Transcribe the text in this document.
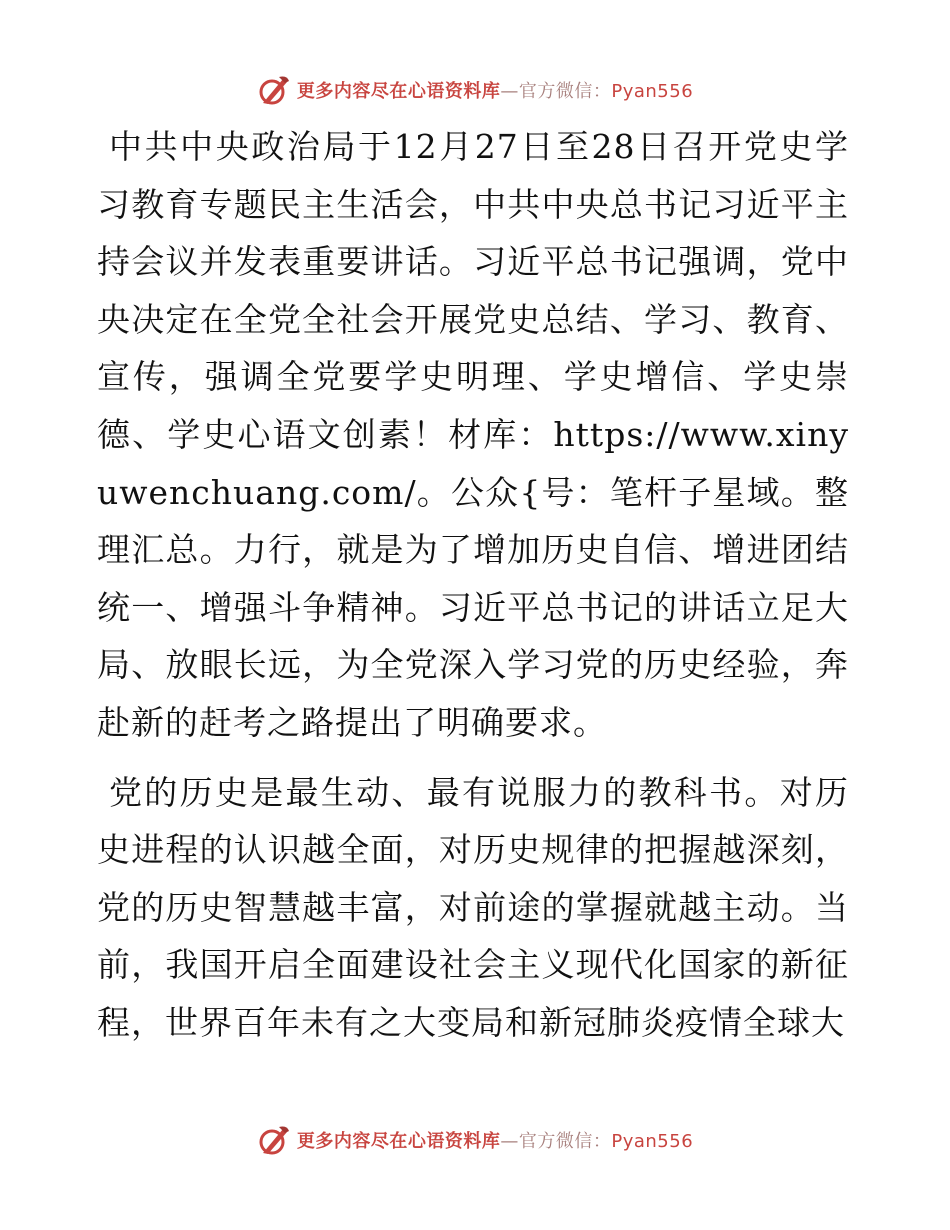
更多内容尽在心语资料库—官方微信：Pyan556

中共中央政治局于12月27日至28日召开党史学习教育专题民主生活会，中共中央总书记习近平主持会议并发表重要讲话。习近平总书记强调，党中央决定在全党全社会开展党史总结、学习、教育、宣传，强调全党要学史明理、学史增信、学史崇德、学史心语文创素！材库：https://www.xinyuwenchuang.com/。公众{号：笔杆子星域。整理汇总。力行，就是为了增加历史自信、增进团结统一、增强斗争精神。习近平总书记的讲话立足大局、放眼长远，为全党深入学习党的历史经验，奔赴新的赶考之路提出了明确要求。

党的历史是最生动、最有说服力的教科书。对历史进程的认识越全面，对历史规律的把握越深刻，党的历史智慧越丰富，对前途的掌握就越主动。当前，我国开启全面建设社会主义现代化国家的新征程，世界百年未有之大变局和新冠肺炎疫情全球大

更多内容尽在心语资料库—官方微信：Pyan556
